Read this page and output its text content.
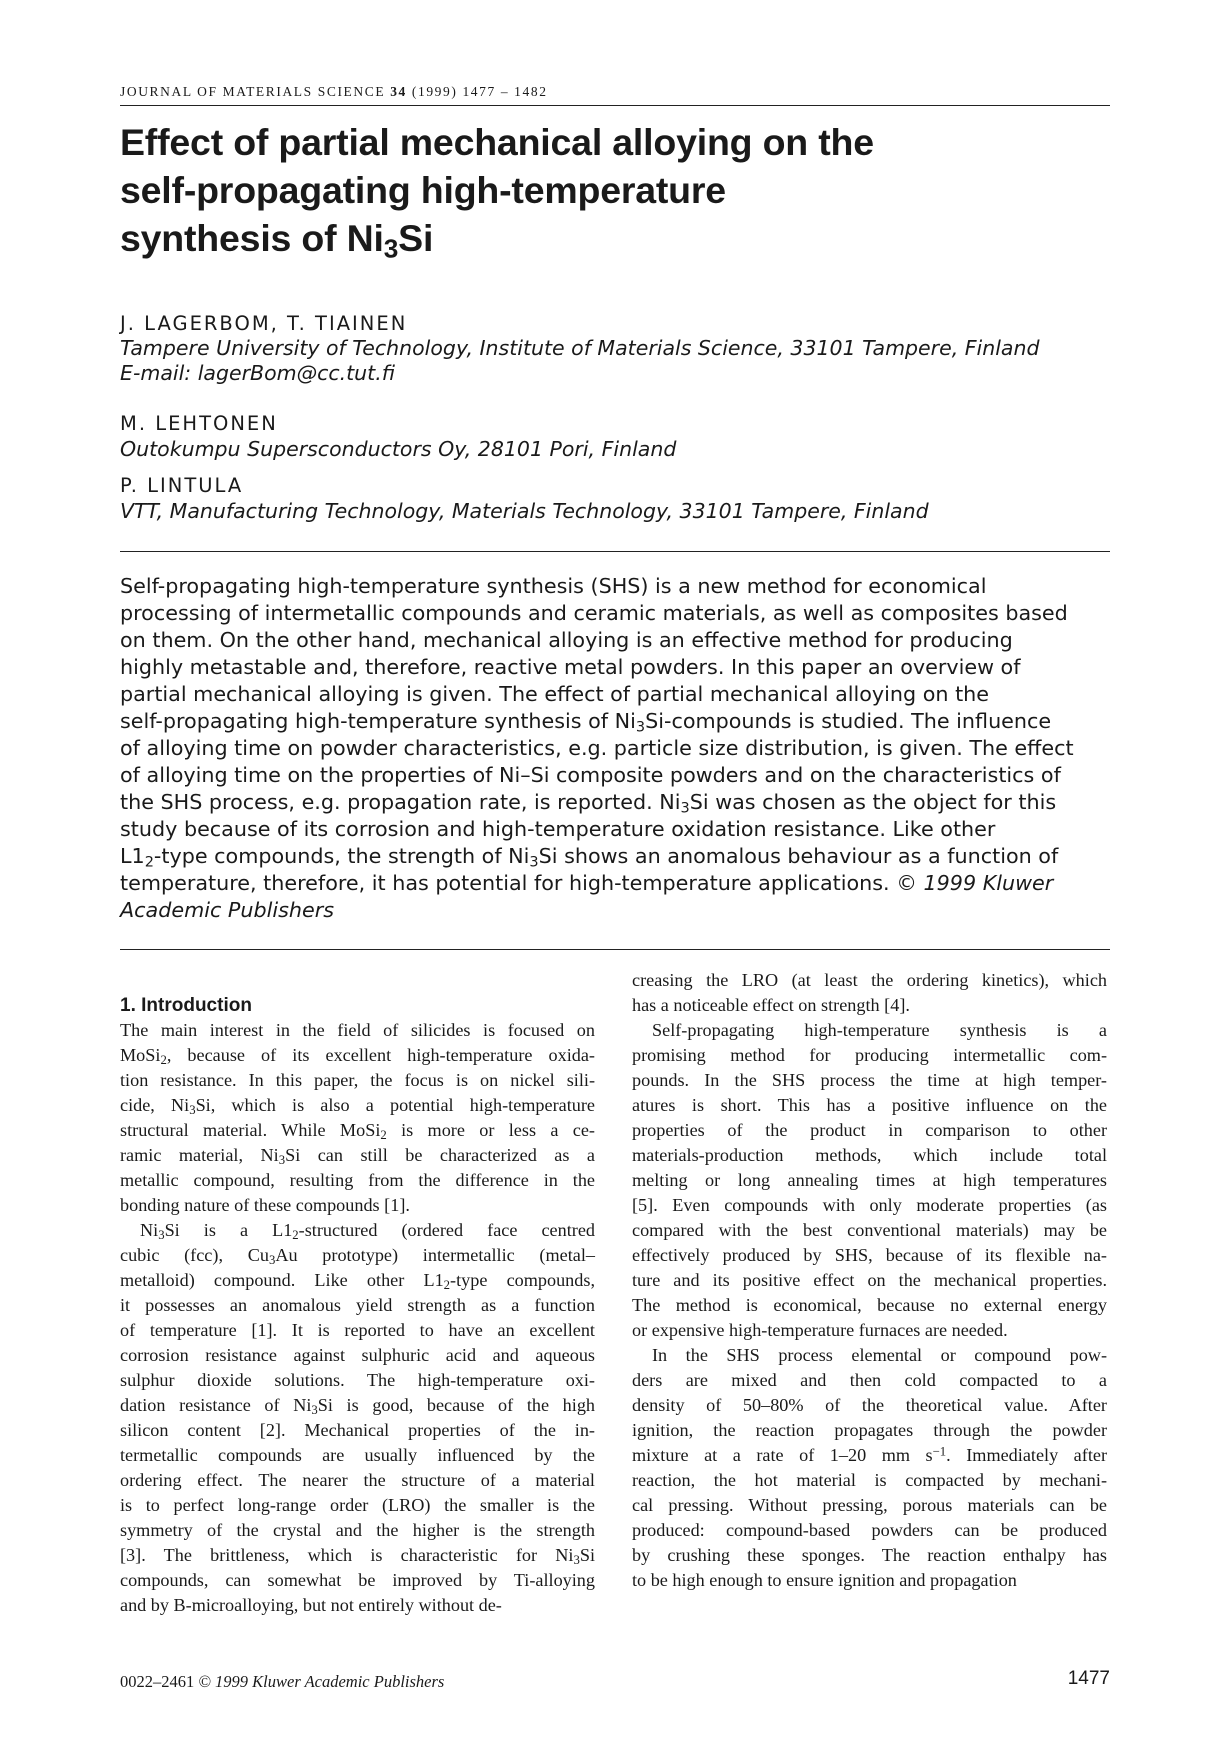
JOURNAL OF MATERIALS SCIENCE 34 (1999) 1477 – 1482
Effect of partial mechanical alloying on the
self-propagating high-temperature
synthesis of $Ni_3Si$
J. LAGERBOM, T. TIAINEN
Tampere University of Technology, Institute of Materials Science, 33101 Tampere, Finland
E-mail: lagerBom@cc.tut.fi
M. LEHTONEN
Outokumpu Supersconductors Oy, 28101 Pori, Finland
P. LINTULA
VTT, Manufacturing Technology, Materials Technology, 33101 Tampere, Finland
Self-propagating high-temperature synthesis (SHS) is a new method for economical
processing of intermetallic compounds and ceramic materials, as well as composites based
on them. On the other hand, mechanical alloying is an effective method for producing
highly metastable and, therefore, reactive metal powders. In this paper an overview of
partial mechanical alloying is given. The effect of partial mechanical alloying on the
self-propagating high-temperature synthesis of $Ni_3Si$-compounds is studied. The influence
of alloying time on powder characteristics, e.g. particle size distribution, is given. The effect
of alloying time on the properties of Ni–Si composite powders and on the characteristics of
the SHS process, e.g. propagation rate, is reported. $Ni_3Si$ was chosen as the object for this
study because of its corrosion and high-temperature oxidation resistance. Like other
$L1_2$-type compounds, the strength of $Ni_3Si$ shows an anomalous behaviour as a function of
temperature, therefore, it has potential for high-temperature applications. © 1999 Kluwer
Academic Publishers
1. Introduction
The main interest in the field of silicides is focused on
MoSi$_2$, because of its excellent high-temperature oxida-
tion resistance. In this paper, the focus is on nickel sili-
cide, $Ni_3Si$, which is also a potential high-temperature
structural material. While MoSi$_2$ is more or less a ce-
ramic material, $Ni_3Si$ can still be characterized as a
metallic compound, resulting from the difference in the
bonding nature of these compounds [1].
$Ni_3Si$ is a $L1_2$-structured (ordered face centred
cubic (fcc), $Cu_3Au$ prototype) intermetallic (metal–
metalloid) compound. Like other $L1_2$-type compounds,
it possesses an anomalous yield strength as a function
of temperature [1]. It is reported to have an excellent
corrosion resistance against sulphuric acid and aqueous
sulphur dioxide solutions. The high-temperature oxi-
dation resistance of $Ni_3Si$ is good, because of the high
silicon content [2]. Mechanical properties of the in-
termetallic compounds are usually influenced by the
ordering effect. The nearer the structure of a material
is to perfect long-range order (LRO) the smaller is the
symmetry of the crystal and the higher is the strength
[3]. The brittleness, which is characteristic for $Ni_3Si$
compounds, can somewhat be improved by Ti-alloying
and by B-microalloying, but not entirely without de-
creasing the LRO (at least the ordering kinetics), which
has a noticeable effect on strength [4].
Self-propagating high-temperature synthesis is a
promising method for producing intermetallic com-
pounds. In the SHS process the time at high temper-
atures is short. This has a positive influence on the
properties of the product in comparison to other
materials-production methods, which include total
melting or long annealing times at high temperatures
[5]. Even compounds with only moderate properties (as
compared with the best conventional materials) may be
effectively produced by SHS, because of its flexible na-
ture and its positive effect on the mechanical properties.
The method is economical, because no external energy
or expensive high-temperature furnaces are needed.
In the SHS process elemental or compound pow-
ders are mixed and then cold compacted to a
density of 50–80% of the theoretical value. After
ignition, the reaction propagates through the powder
mixture at a rate of 1–20 mm $s^{-1}$. Immediately after
reaction, the hot material is compacted by mechani-
cal pressing. Without pressing, porous materials can be
produced: compound-based powders can be produced
by crushing these sponges. The reaction enthalpy has
to be high enough to ensure ignition and propagation
0022–2461 © 1999 Kluwer Academic Publishers	1477
